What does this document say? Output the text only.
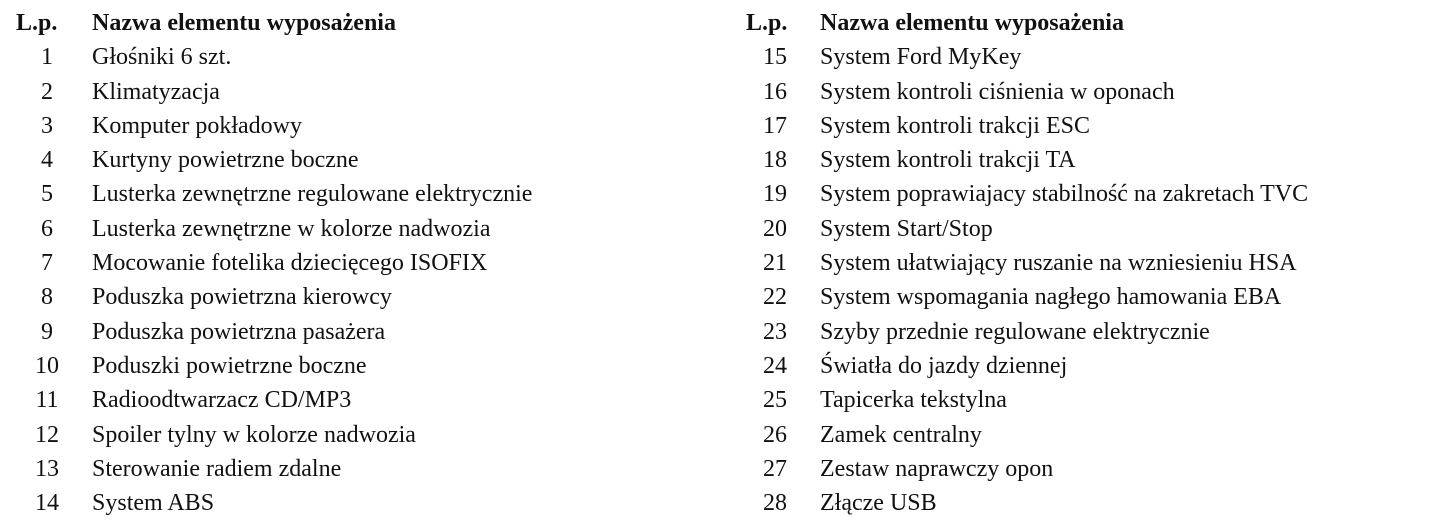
L.p.	Nazwa elementu wyposażenia
1	Głośniki 6 szt.
2	Klimatyzacja
3	Komputer pokładowy
4	Kurtyny powietrzne boczne
5	Lusterka zewnętrzne regulowane elektrycznie
6	Lusterka zewnętrzne w kolorze nadwozia
7	Mocowanie fotelika dziecięcego ISOFIX
8	Poduszka powietrzna kierowcy
9	Poduszka powietrzna pasażera
10	Poduszki powietrzne boczne
11	Radioodtwarzacz CD/MP3
12	Spoiler tylny w kolorze nadwozia
13	Sterowanie radiem zdalne
14	System ABS
L.p.	Nazwa elementu wyposażenia
15	System Ford MyKey
16	System kontroli ciśnienia w oponach
17	System kontroli trakcji ESC
18	System kontroli trakcji TA
19	System poprawiajacy stabilność na zakretach TVC
20	System Start/Stop
21	System ułatwiający ruszanie na wzniesieniu HSA
22	System wspomagania nagłego hamowania EBA
23	Szyby przednie regulowane elektrycznie
24	Światła do jazdy dziennej
25	Tapicerka tekstylna
26	Zamek centralny
27	Zestaw naprawczy opon
28	Złącze USB
